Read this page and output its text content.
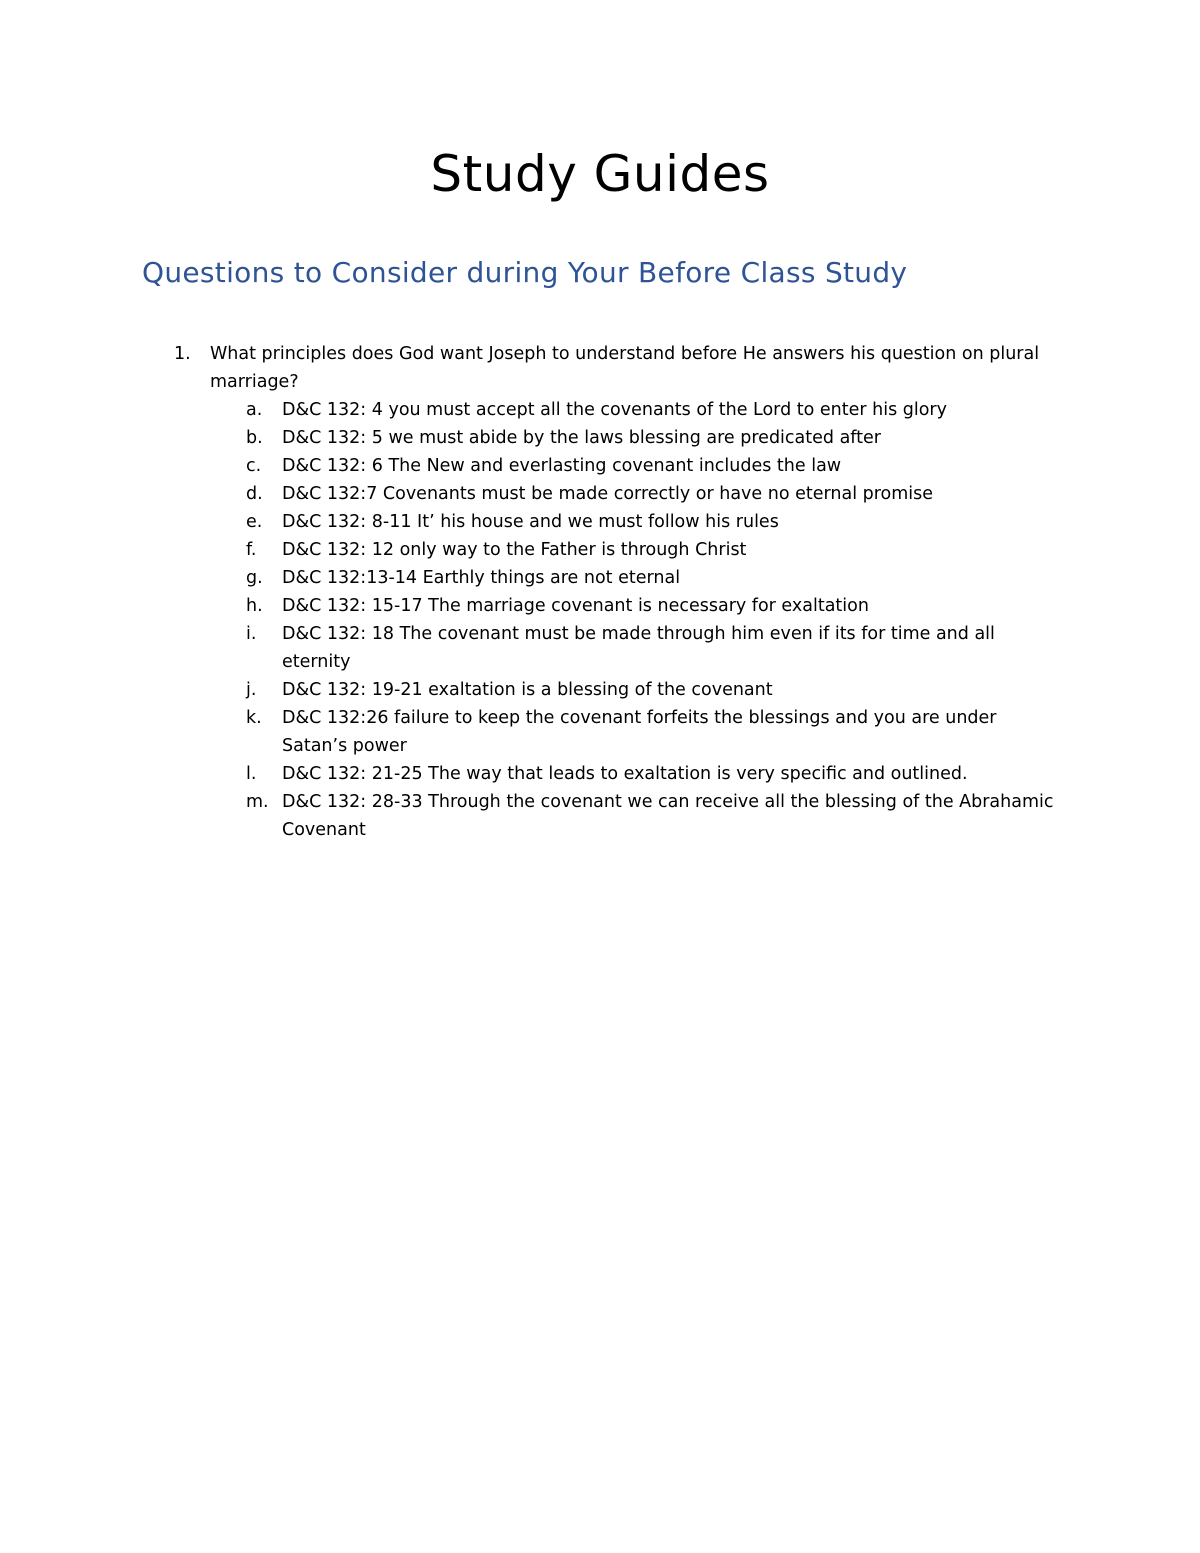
Study Guides
Questions to Consider during Your Before Class Study
1. What principles does God want Joseph to understand before He answers his question on plural marriage?
a. D&C 132: 4 you must accept all the covenants of the Lord to enter his glory
b. D&C 132: 5 we must abide by the laws blessing are predicated after
c. D&C 132: 6 The New and everlasting covenant includes the law
d. D&C 132:7 Covenants must be made correctly or have no eternal promise
e. D&C 132: 8-11 It’ his house and we must follow his rules
f. D&C 132: 12 only way to the Father is through Christ
g. D&C 132:13-14 Earthly things are not eternal
h. D&C 132: 15-17 The marriage covenant is necessary for exaltation
i. D&C 132: 18 The covenant must be made through him even if its for time and all eternity
j. D&C 132: 19-21 exaltation is a blessing of the covenant
k. D&C 132:26 failure to keep the covenant forfeits the blessings and you are under Satan’s power
l. D&C 132: 21-25 The way that leads to exaltation is very specific and outlined.
m. D&C 132: 28-33 Through the covenant we can receive all the blessing of the Abrahamic Covenant
